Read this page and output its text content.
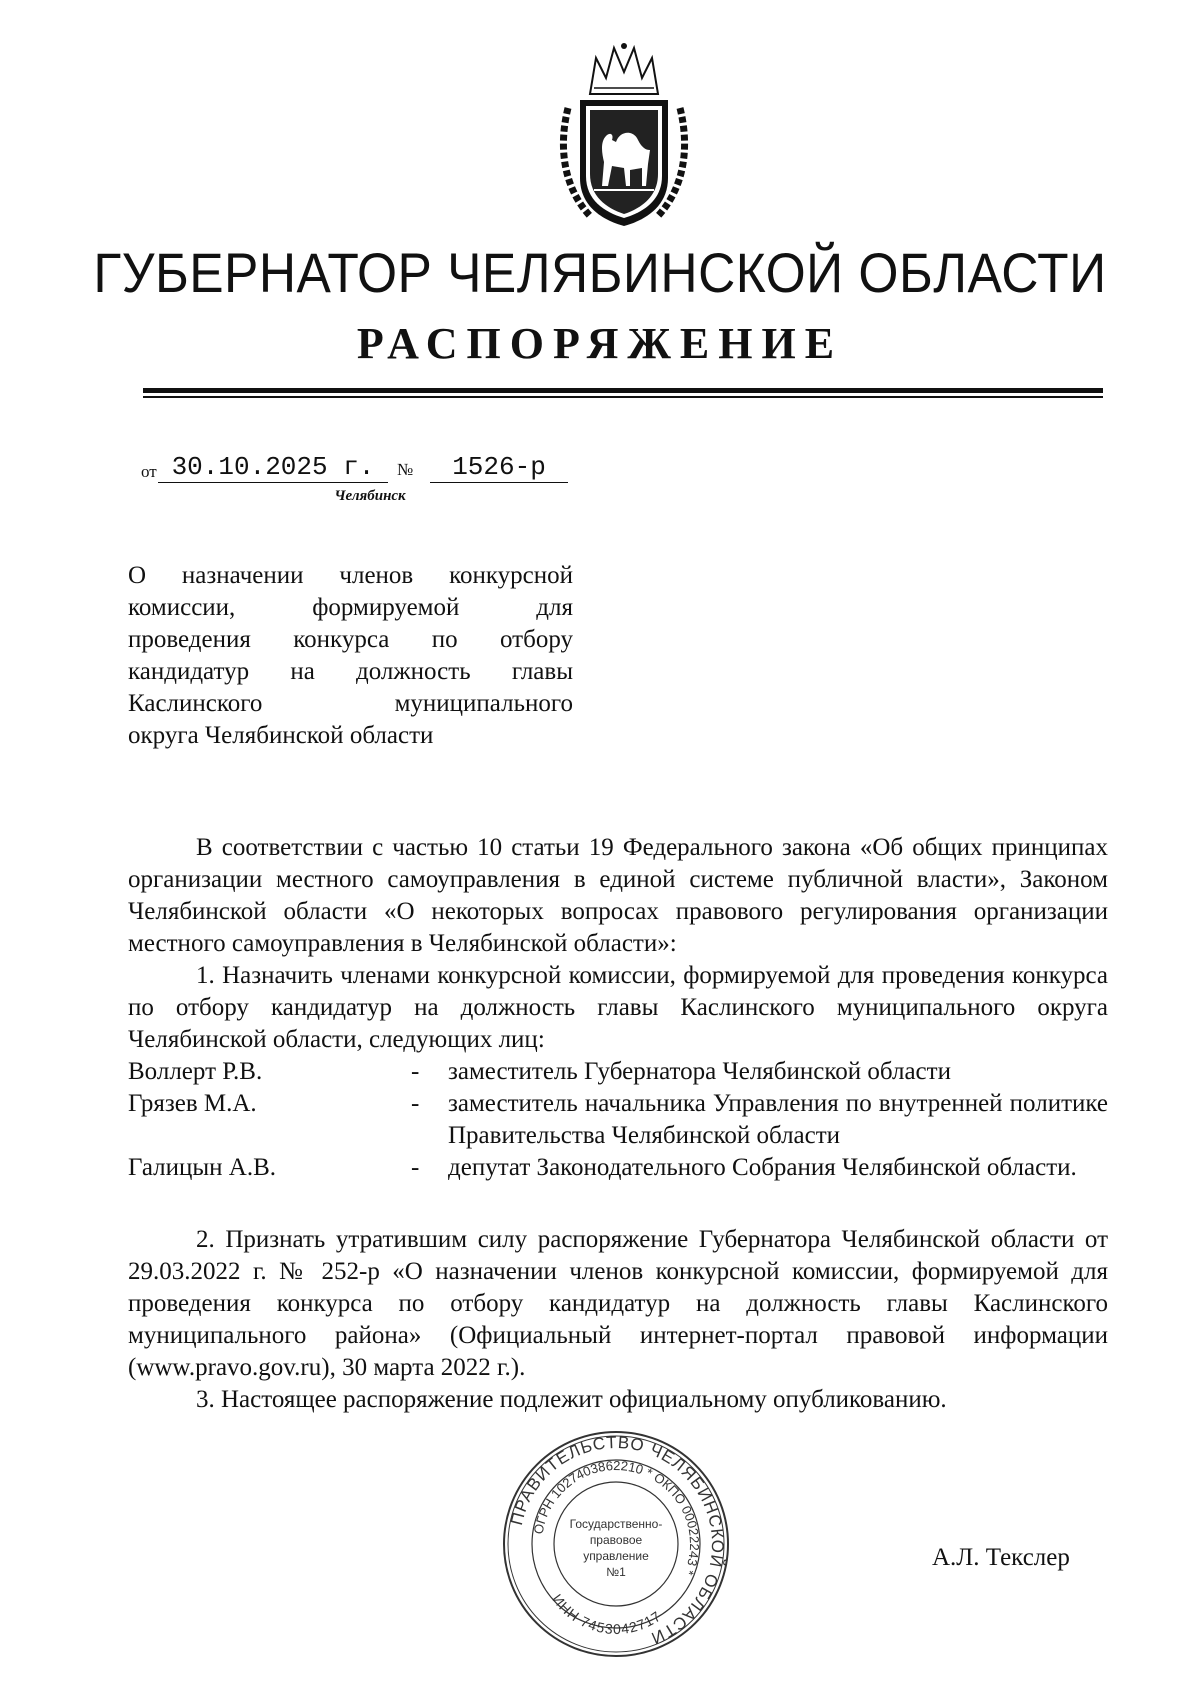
ГУБЕРНАТОР ЧЕЛЯБИНСКОЙ ОБЛАСТИ
РАСПОРЯЖЕНИЕ
от 30.10.2025 г.	№	1526-р
Челябинск
О назначении членов конкурсной
комиссии, формируемой для
проведения конкурса по отбору
кандидатур на должность главы
Каслинского муниципального
округа Челябинской области

В соответствии с частью 10 статьи 19 Федерального закона «Об общих принципах организации местного самоуправления в единой системе публичной власти», Законом Челябинской области «О некоторых вопросах правового регулирования организации местного самоуправления в Челябинской области»:

1. Назначить членами конкурсной комиссии, формируемой для проведения конкурса по отбору кандидатур на должность главы Каслинского муниципального округа Челябинской области, следующих лиц:

Воллерт Р.В.	- заместитель Губернатора Челябинской области
Грязев М.А.	- заместитель начальника Управления по внутренней политике Правительства Челябинской области
Галицын А.В.	- депутат Законодательного Собрания Челябинской области.

2. Признать утратившим силу распоряжение Губернатора Челябинской области от 29.03.2022 г. № 252-р «О назначении членов конкурсной комиссии, формируемой для проведения конкурса по отбору кандидатур на должность главы Каслинского муниципального района» (Официальный интернет-портал правовой информации (www.pravo.gov.ru), 30 марта 2022 г.).

3. Настоящее распоряжение подлежит официальному опубликованию.

ПРАВИТЕЛЬСТВО ЧЕЛЯБИНСКОЙ ОБЛАСТИ
ОГРН 1027403862210 * ОКПО 00022243 *
ИНН 7453042717
Государственно-
правовое
управление
№1
А.Л. Текслер
